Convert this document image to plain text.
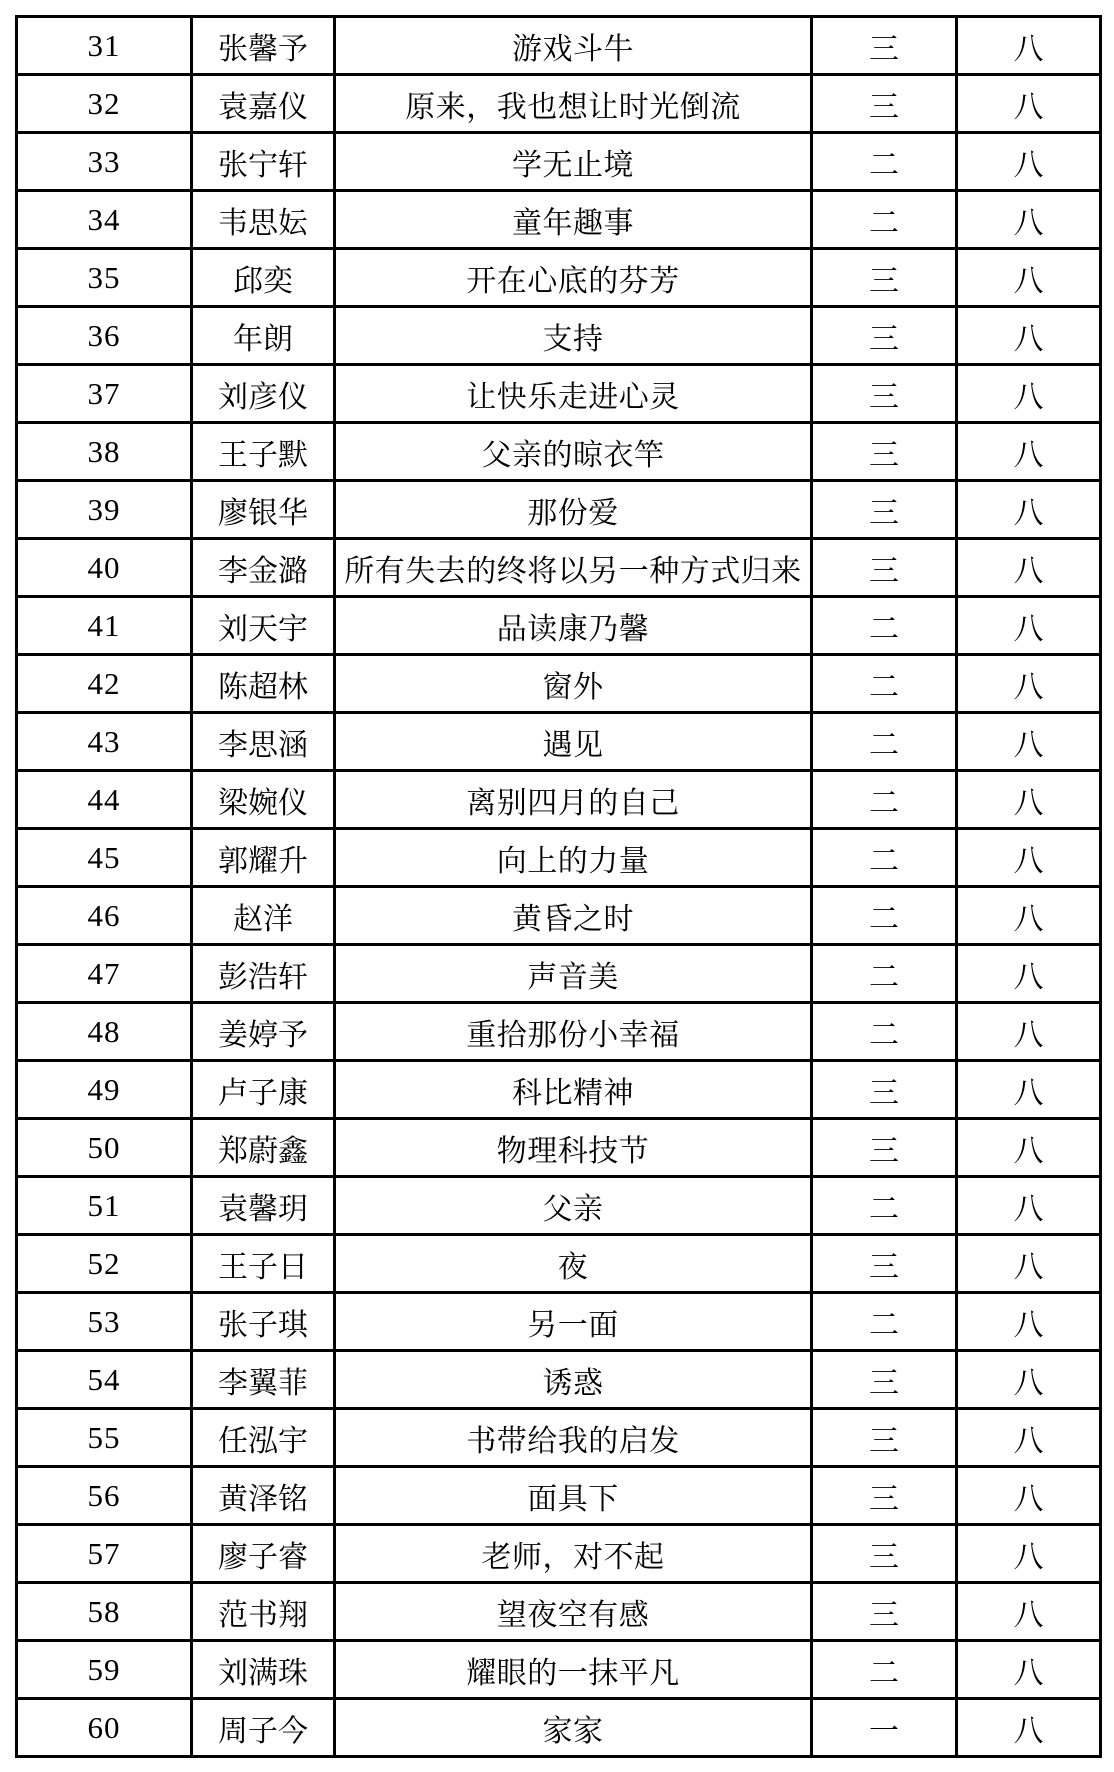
31	张馨予	游戏斗牛	三	八
32	袁嘉仪	原来，我也想让时光倒流	三	八
33	张宁轩	学无止境	二	八
34	韦思妘	童年趣事	二	八
35	邱奕	开在心底的芬芳	三	八
36	年朗	支持	三	八
37	刘彦仪	让快乐走进心灵	三	八
38	王子默	父亲的晾衣竿	三	八
39	廖银华	那份爱	三	八
40	李金潞	所有失去的终将以另一种方式归来	三	八
41	刘天宇	品读康乃馨	二	八
42	陈超林	窗外	二	八
43	李思涵	遇见	二	八
44	梁婉仪	离别四月的自己	二	八
45	郭耀升	向上的力量	二	八
46	赵洋	黄昏之时	二	八
47	彭浩轩	声音美	二	八
48	姜婷予	重拾那份小幸福	二	八
49	卢子康	科比精神	三	八
50	郑蔚鑫	物理科技节	三	八
51	袁馨玥	父亲	二	八
52	王子日	夜	三	八
53	张子琪	另一面	二	八
54	李翼菲	诱惑	三	八
55	任泓宇	书带给我的启发	三	八
56	黄泽铭	面具下	三	八
57	廖子睿	老师，对不起	三	八
58	范书翔	望夜空有感	三	八
59	刘满珠	耀眼的一抹平凡	二	八
60	周子今	家家	一	八
